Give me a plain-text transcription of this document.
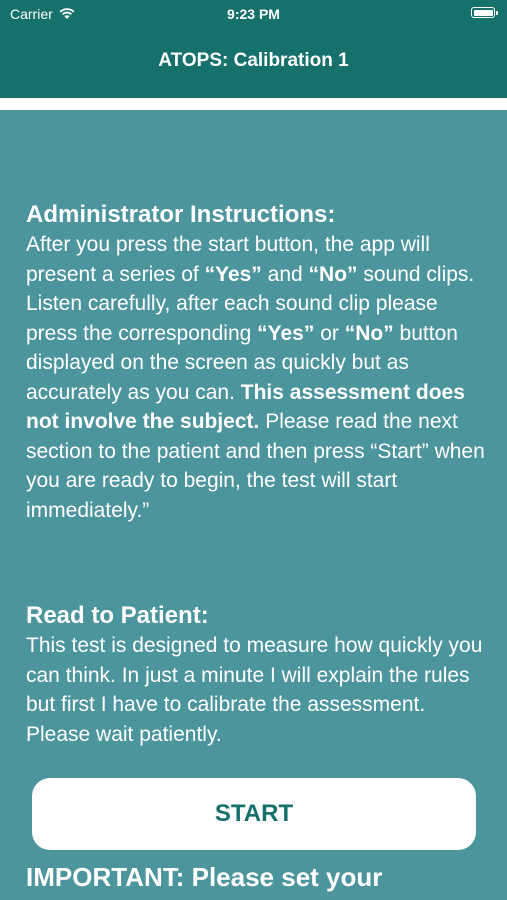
Carrier	9:23 PM
ATOPS: Calibration 1

Administrator Instructions:

After you press the start button, the app will present a series of “Yes” and “No” sound clips. Listen carefully, after each sound clip please press the corresponding “Yes” or “No” button displayed on the screen as quickly but as accurately as you can. This assessment does not involve the subject. Please read the next section to the patient and then press “Start” when you are ready to begin, the test will start immediately.”

Read to Patient:

This test is designed to measure how quickly you can think. In just a minute I will explain the rules but first I have to calibrate the assessment. Please wait patiently.

IMPORTANT: Please set your
START
